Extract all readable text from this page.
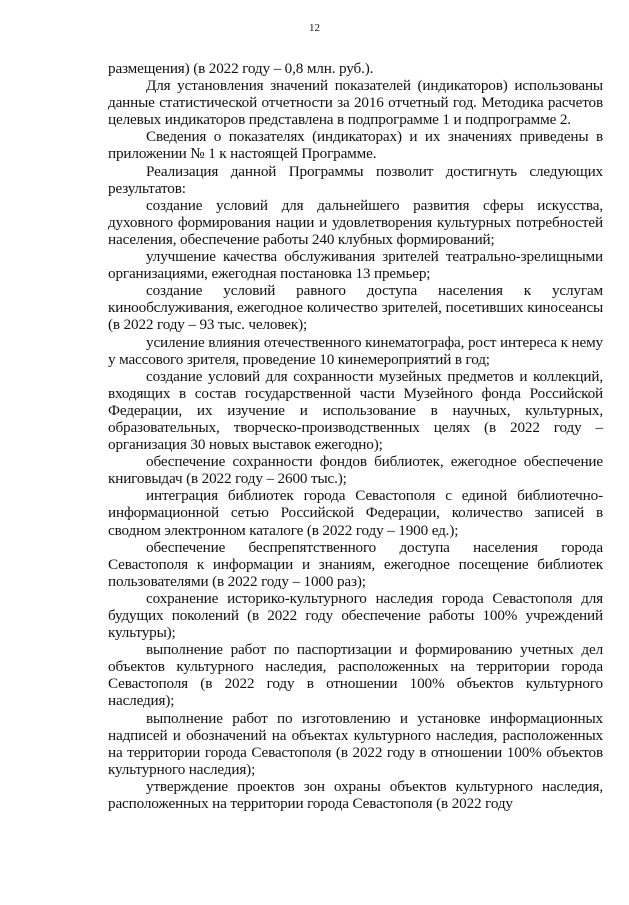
12

размещения) (в 2022 году – 0,8 млн. руб.).

Для установления значений показателей (индикаторов) использованы данные статистической отчетности за 2016 отчетный год. Методика расчетов целевых индикаторов представлена в подпрограмме 1 и подпрограмме 2.

Сведения о показателях (индикаторах) и их значениях приведены в приложении № 1 к настоящей Программе.

Реализация данной Программы позволит достигнуть следующих результатов:

создание условий для дальнейшего развития сферы искусства, духовного формирования нации и удовлетворения культурных потребностей населения, обеспечение работы 240 клубных формирований;

улучшение качества обслуживания зрителей театрально-зрелищными организациями, ежегодная постановка 13 премьер;

создание условий равного доступа населения к услугам кинообслуживания, ежегодное количество зрителей, посетивших киносеансы (в 2022 году – 93 тыс. человек);

усиление влияния отечественного кинематографа, рост интереса к нему у массового зрителя, проведение 10 кинемероприятий в год;

создание условий для сохранности музейных предметов и коллекций, входящих в состав государственной части Музейного фонда Российской Федерации, их изучение и использование в научных, культурных, образовательных, творческо-производственных целях (в 2022 году – организация 30 новых выставок ежегодно);

обеспечение сохранности фондов библиотек, ежегодное обеспечение книговыдач (в 2022 году – 2600 тыс.);

интеграция библиотек города Севастополя с единой библиотечно-информационной сетью Российской Федерации, количество записей в сводном электронном каталоге (в 2022 году – 1900 ед.);

обеспечение беспрепятственного доступа населения города Севастополя к информации и знаниям, ежегодное посещение библиотек пользователями (в 2022 году – 1000 раз);

сохранение историко-культурного наследия города Севастополя для будущих поколений (в 2022 году обеспечение работы 100% учреждений культуры);

выполнение работ по паспортизации и формированию учетных дел объектов культурного наследия, расположенных на территории города Севастополя (в 2022 году в отношении 100% объектов культурного наследия);

выполнение работ по изготовлению и установке информационных надписей и обозначений на объектах культурного наследия, расположенных на территории города Севастополя (в 2022 году в отношении 100% объектов культурного наследия);

утверждение проектов зон охраны объектов культурного наследия, расположенных на территории города Севастополя (в 2022 году
